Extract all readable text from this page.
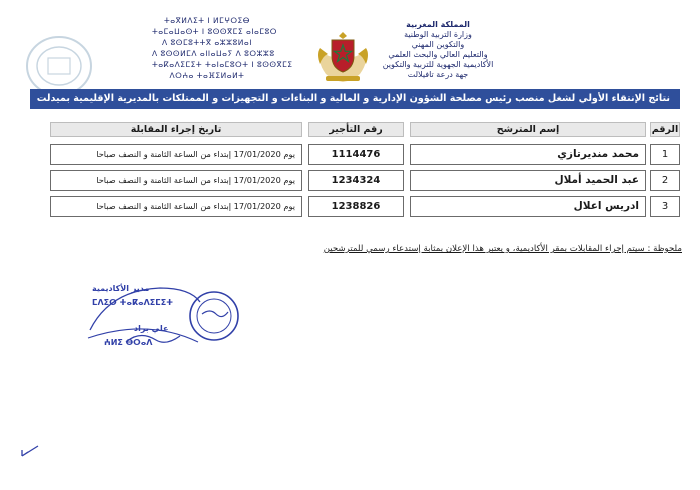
ⵜⴰⴳⵍⴷⵉⵜ ⵏ ⵍⵎⵖⵔⵉⴱ
ⵜⴰⵎⴰⵡⴰⵙⵜ ⵏ ⵓⵙⵙⴳⵎⵉ ⴰⵏⴰⵎⵓⵔ
ⴷ ⵓⵙⵎⵓⵜⵜⴳ ⴰⵣⵣⵓⵍⴰⵏ
ⴷ ⵓⵙⵙⵍⵎⴷ ⴰⵏⵏⴰⵡⴰⵢ ⴷ ⵓⵔⵣⵣⵓ
ⵜⴰⴽⴰⴷⵉⵎⵉⵜ ⵜⴰⵏⴰⵎⵓⵔⵜ ⵏ ⵓⵙⵙⴳⵎⵉ
ⴷⵔⵄⴰ ⵜⴰⴼⵉⵍⴰⵍⵜ
المملكة المغربية
وزارة التربية الوطنية
والتكوين المهني
والتعليم العالي والبحث العلمي
الأكاديمية الجهوية للتربية والتكوين
جهة درعة تافيلالت
نتائج الإنتقاء الأولي لشغل منصب رئيس مصلحة الشؤون الإدارية و المالية و البناءات و التجهيزات و الممتلكات بالمديرية الإقليمية بميدلت
الرقم
إسم المترشح
رقم التأجير
تاريخ إجراء المقابلة
1
محمد منديرتازي
1114476
يوم 17/01/2020 إبتداء من الساعة الثامنة و النصف صباحا
2
عبد الحميد أملال
1234324
يوم 17/01/2020 إبتداء من الساعة الثامنة و النصف صباحا
3
ادريس اعلال
1238826
يوم 17/01/2020 إبتداء من الساعة الثامنة و النصف صباحا
ملحوظة : سيتم إجراء المقابلات بمقر الأكاديمية، و يعتبر هذا الإعلان بمثابة إستدعاء رسمي للمترشحين
مدير الأكاديمية
ⵎⴷⵉⵔ ⵜⴰⴽⴰⴷⵉⵎⵉⵜ
علي براد
ⵄⵍⵉ ⴱⵔⴰⴷ
